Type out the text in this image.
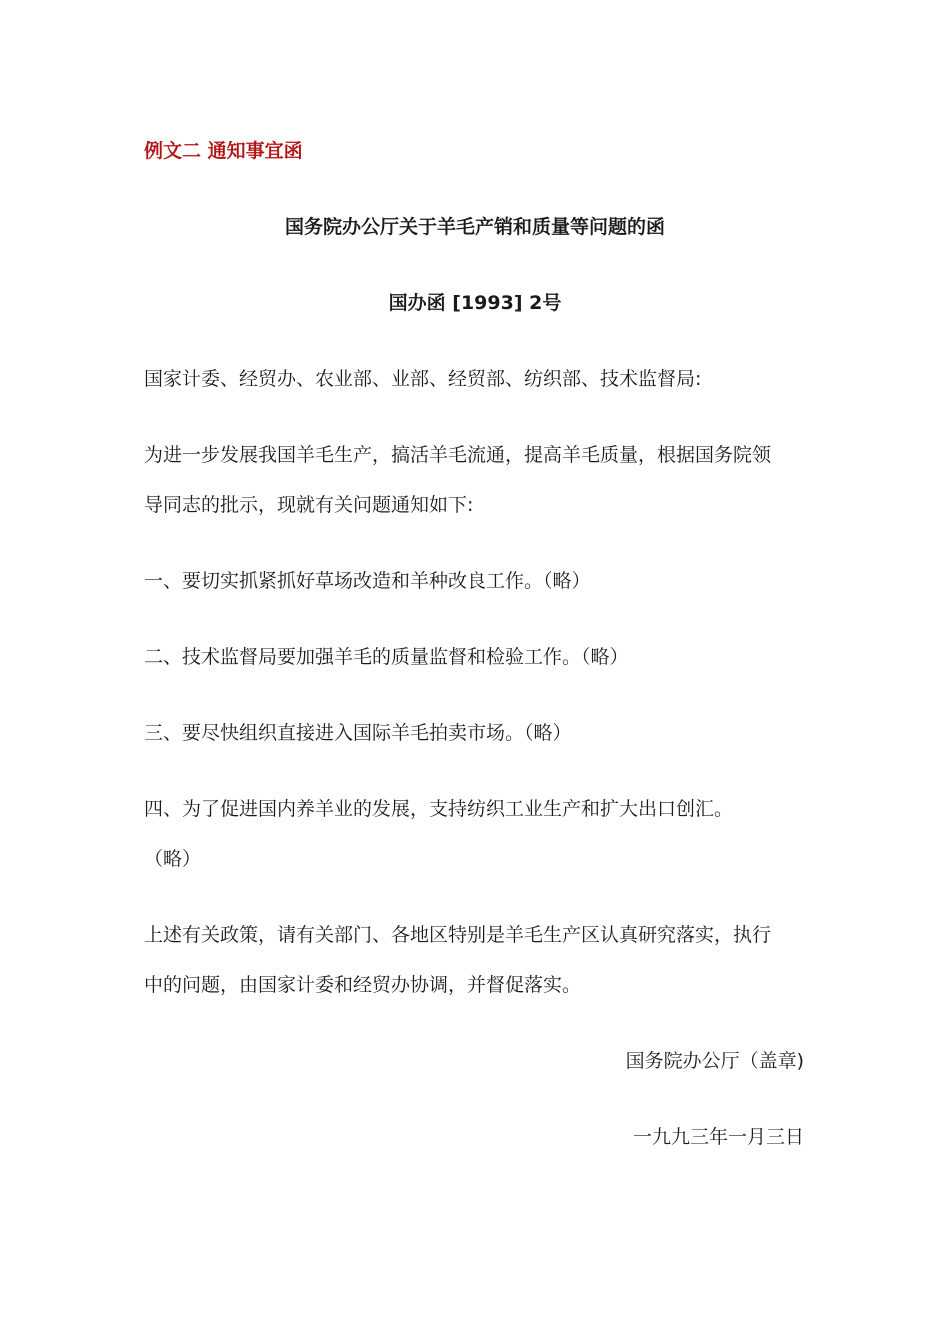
例文二 通知事宜函
国务院办公厅关于羊毛产销和质量等问题的函
国办函 [1993] 2号
国家计委、经贸办、农业部、业部、经贸部、纺织部、技术监督局:
为进一步发展我国羊毛生产，搞活羊毛流通，提高羊毛质量，根据国务院领
导同志的批示，现就有关问题通知如下:
一、要切实抓紧抓好草场改造和羊种改良工作。（略）
二、技术监督局要加强羊毛的质量监督和检验工作。（略）
三、要尽快组织直接进入国际羊毛拍卖市场。（略）
四、为了促进国内养羊业的发展，支持纺织工业生产和扩大出口创汇。
（略）
上述有关政策，请有关部门、各地区特别是羊毛生产区认真研究落实，执行
中的问题，由国家计委和经贸办协调，并督促落实。
国务院办公厅（盖章)
一九九三年一月三日
